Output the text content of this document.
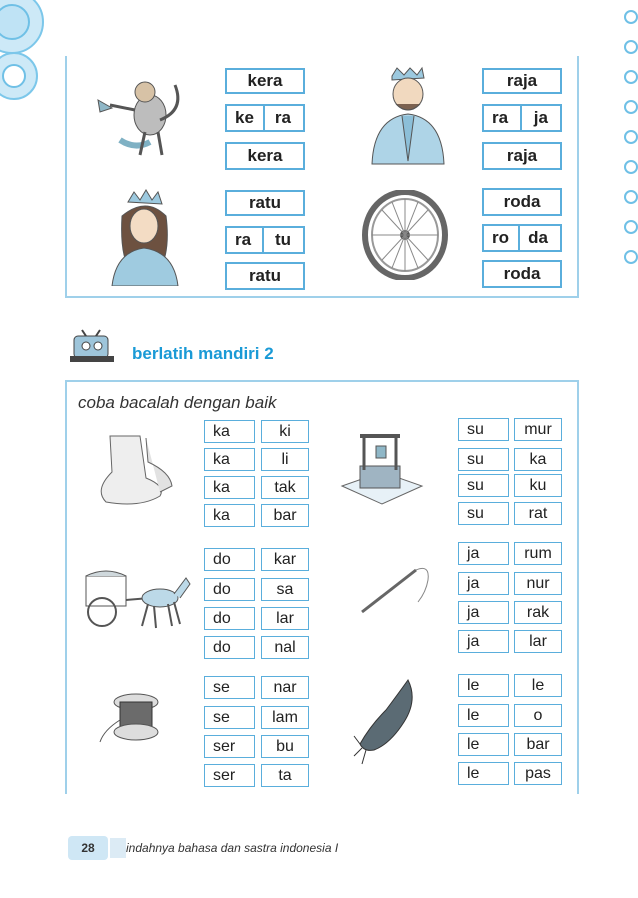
kera
ke ra
kera
raja
ra ja
raja
ratu
ra tu
ratu
roda
ro da
roda
berlatih mandiri 2
coba bacalah dengan baik
ka	ki
ka	li
ka	tak
ka	bar
su	mur
su	ka
su	ku
su	rat
do	kar
do	sa
do	lar
do	nal
ja	rum
ja	nur
ja	rak
ja	lar
se	nar
se	lam
ser	bu
ser	ta
le	le
le	o
le	bar
le	pas
28	indahnya bahasa dan sastra indonesia I
